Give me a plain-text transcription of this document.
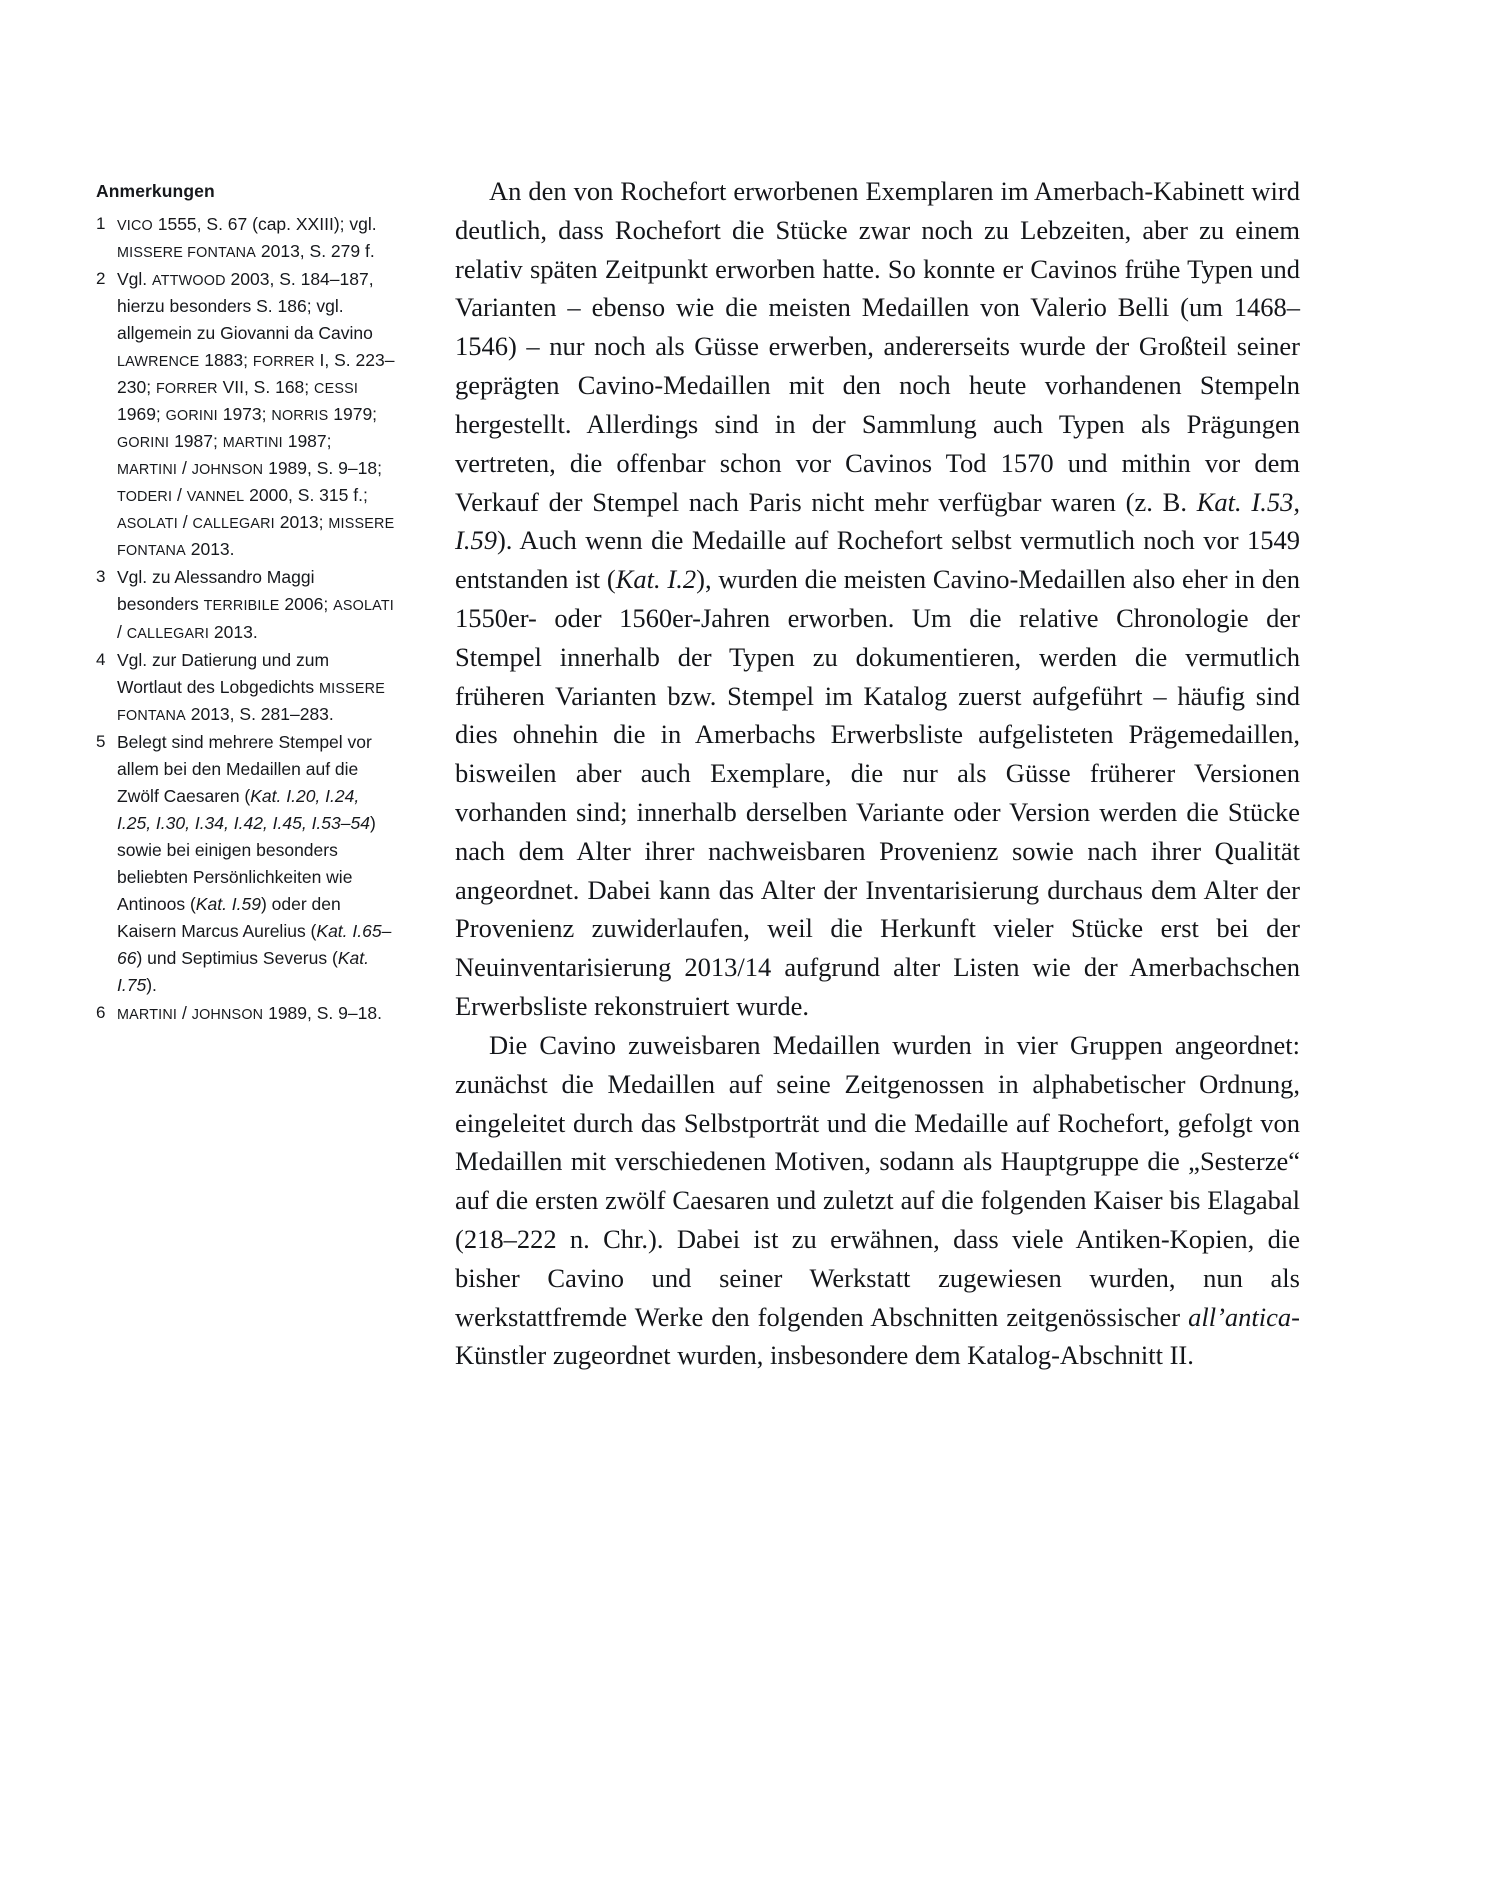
Anmerkungen
1 VICO 1555, S. 67 (cap. XXIII); vgl. MISSERE FONTANA 2013, S. 279 f.
2 Vgl. ATTWOOD 2003, S. 184–187, hierzu besonders S. 186; vgl. allgemein zu Giovanni da Cavino LAWRENCE 1883; FORRER I, S. 223–230; FORRER VII, S. 168; CESSI 1969; GORINI 1973; NORRIS 1979; GORINI 1987; MARTINI 1987; MARTINI / JOHNSON 1989, S. 9–18; TODERI / VANNEL 2000, S. 315 f.; ASOLATI / CALLEGARI 2013; MISSERE FONTANA 2013.
3 Vgl. zu Alessandro Maggi besonders TERRIBILE 2006; ASOLATI / CALLEGARI 2013.
4 Vgl. zur Datierung und zum Wortlaut des Lobgedichts MISSERE FONTANA 2013, S. 281–283.
5 Belegt sind mehrere Stempel vor allem bei den Medaillen auf die Zwölf Caesaren (Kat. I.20, I.24, I.25, I.30, I.34, I.42, I.45, I.53–54) sowie bei einigen besonders beliebten Persönlichkeiten wie Antinoos (Kat. I.59) oder den Kaisern Marcus Aurelius (Kat. I.65–66) und Septimius Severus (Kat. I.75).
6 MARTINI / JOHNSON 1989, S. 9–18.

An den von Rochefort erworbenen Exemplaren im Amerbach-Kabinett wird deutlich, dass Rochefort die Stücke zwar noch zu Lebzeiten, aber zu einem relativ späten Zeitpunkt erworben hatte. So konnte er Cavinos frühe Typen und Varianten – ebenso wie die meisten Medaillen von Valerio Belli (um 1468–1546) – nur noch als Güsse erwerben, andererseits wurde der Großteil seiner geprägten Cavino-Medaillen mit den noch heute vorhandenen Stempeln hergestellt. Allerdings sind in der Sammlung auch Typen als Prägungen vertreten, die offenbar schon vor Cavinos Tod 1570 und mithin vor dem Verkauf der Stempel nach Paris nicht mehr verfügbar waren (z. B. Kat. I.53, I.59). Auch wenn die Medaille auf Rochefort selbst vermutlich noch vor 1549 entstanden ist (Kat. I.2), wurden die meisten Cavino-Medaillen also eher in den 1550er- oder 1560er-Jahren erworben. Um die relative Chronologie der Stempel innerhalb der Typen zu dokumentieren, werden die vermutlich früheren Varianten bzw. Stempel im Katalog zuerst aufgeführt – häufig sind dies ohnehin die in Amerbachs Erwerbsliste aufgelisteten Prägemedaillen, bisweilen aber auch Exemplare, die nur als Güsse früherer Versionen vorhanden sind; innerhalb derselben Variante oder Version werden die Stücke nach dem Alter ihrer nachweisbaren Provenienz sowie nach ihrer Qualität angeordnet. Dabei kann das Alter der Inventarisierung durchaus dem Alter der Provenienz zuwiderlaufen, weil die Herkunft vieler Stücke erst bei der Neuinventarisierung 2013/14 aufgrund alter Listen wie der Amerbachschen Erwerbsliste rekonstruiert wurde.

Die Cavino zuweisbaren Medaillen wurden in vier Gruppen angeordnet: zunächst die Medaillen auf seine Zeitgenossen in alphabetischer Ordnung, eingeleitet durch das Selbstporträt und die Medaille auf Rochefort, gefolgt von Medaillen mit verschiedenen Motiven, sodann als Hauptgruppe die „Sesterze“ auf die ersten zwölf Caesaren und zuletzt auf die folgenden Kaiser bis Elagabal (218–222 n. Chr.). Dabei ist zu erwähnen, dass viele Antiken-Kopien, die bisher Cavino und seiner Werkstatt zugewiesen wurden, nun als werkstattfremde Werke den folgenden Abschnitten zeitgenössischer all’antica-Künstler zugeordnet wurden, insbesondere dem Katalog-Abschnitt II.
